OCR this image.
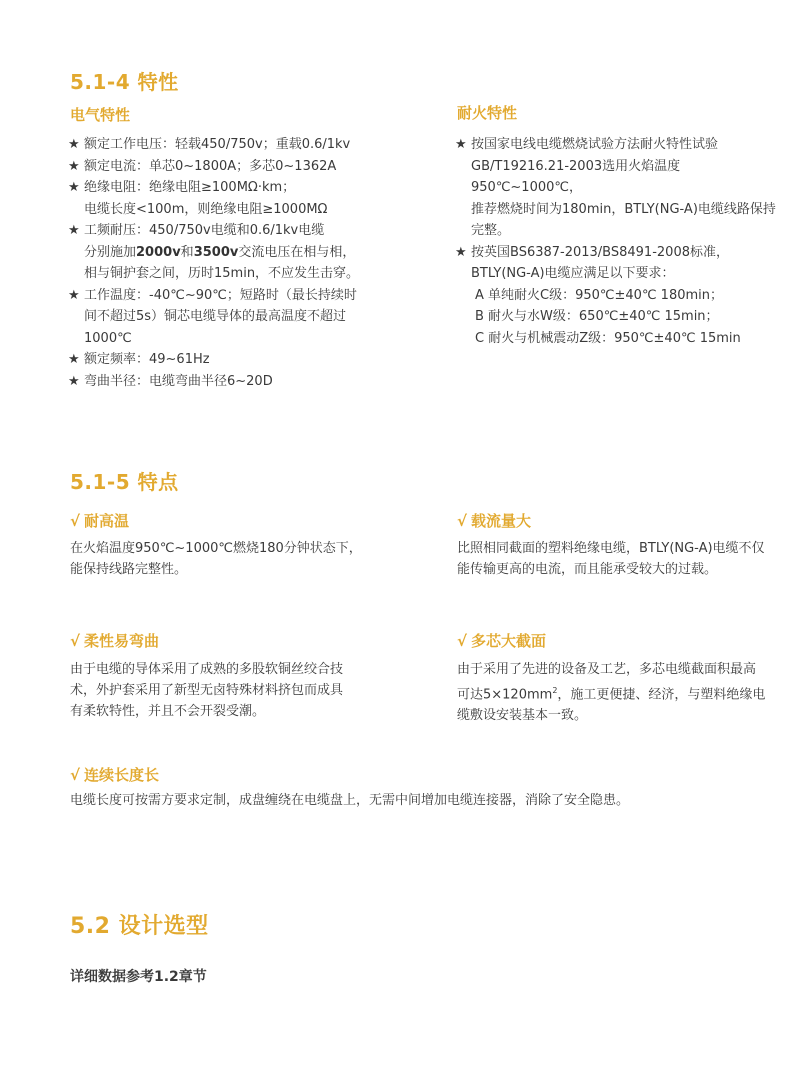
5.1-4 特性
电气特性
★ 额定工作电压：轻载450/750v；重载0.6/1kv
★ 额定电流：单芯0~1800A；多芯0~1362A
★ 绝缘电阻：绝缘电阻≥100MΩ·km；
电缆长度<100m，则绝缘电阻≥1000MΩ
★ 工频耐压：450/750v电缆和0.6/1kv电缆
分别施加2000v和3500v交流电压在相与相，
相与铜护套之间，历时15min，不应发生击穿。
★ 工作温度：-40℃~90℃；短路时（最长持续时
间不超过5s）铜芯电缆导体的最高温度不超过
1000℃
★ 额定频率：49~61Hz
★ 弯曲半径：电缆弯曲半径6~20D
耐火特性
★ 按国家电线电缆燃烧试验方法耐火特性试验
GB/T19216.21-2003选用火焰温度950℃~1000℃，
推荐燃烧时间为180min，BTLY(NG-A)电缆线路保持
完整。
★ 按英国BS6387-2013/BS8491-2008标准，
BTLY(NG-A)电缆应满足以下要求：
A 单纯耐火C级：950℃±40℃ 180min；
B 耐火与水W级：650℃±40℃ 15min；
C 耐火与机械震动Z级：950℃±40℃ 15min
5.1-5 特点
√ 耐高温
在火焰温度950℃~1000℃燃烧180分钟状态下，
能保持线路完整性。
√ 载流量大
比照相同截面的塑料绝缘电缆，BTLY(NG-A)电缆不仅
能传输更高的电流，而且能承受较大的过载。
√ 柔性易弯曲
由于电缆的导体采用了成熟的多股软铜丝绞合技
术，外护套采用了新型无卤特殊材料挤包而成具
有柔软特性，并且不会开裂受潮。
√ 多芯大截面
由于采用了先进的设备及工艺，多芯电缆截面积最高
可达$5\times 120mm^2$，施工更便捷、经济，与塑料绝缘电
缆敷设安装基本一致。
√ 连续长度长
电缆长度可按需方要求定制，成盘缠绕在电缆盘上，无需中间增加电缆连接器，消除了安全隐患。
5.2 设计选型
详细数据参考1.2章节
